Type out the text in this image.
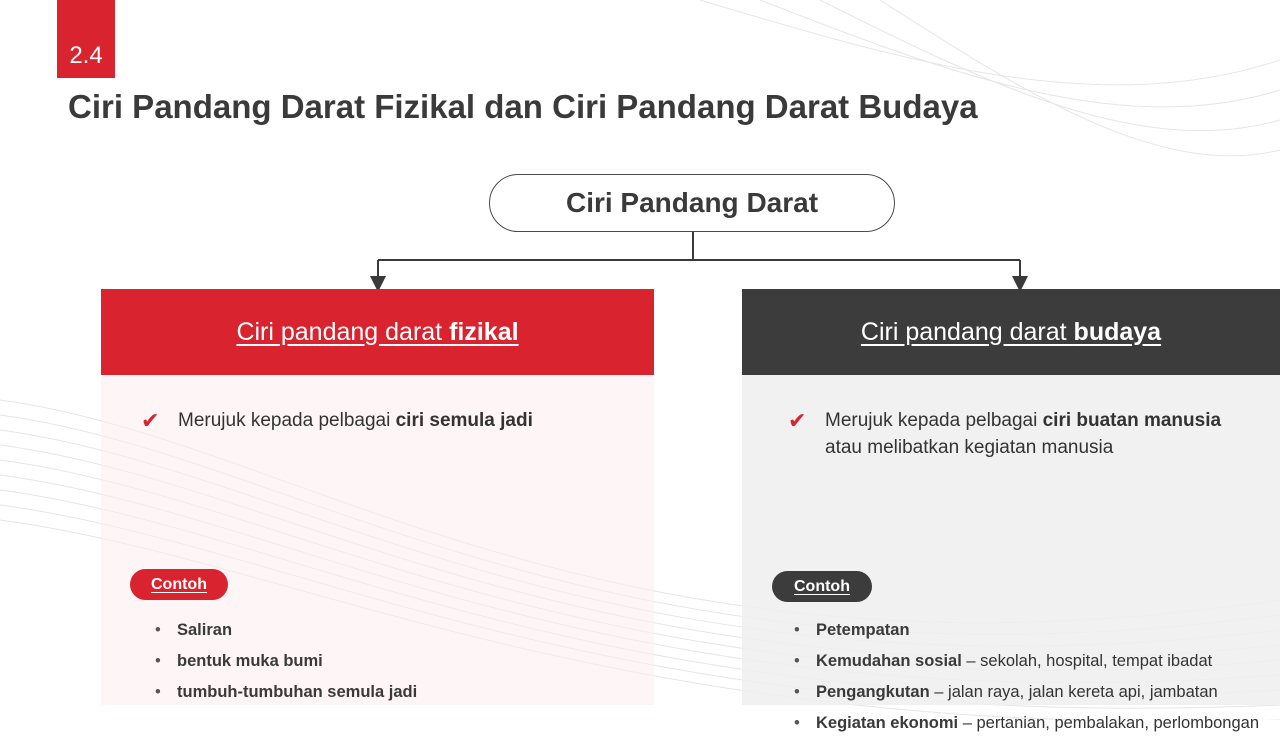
2.4
Ciri Pandang Darat Fizikal dan Ciri Pandang Darat Budaya
Ciri Pandang Darat
Ciri pandang darat fizikal
✔ Merujuk kepada pelbagai ciri semula jadi
Contoh
• Saliran
• bentuk muka bumi
• tumbuh-tumbuhan semula jadi
Ciri pandang darat budaya
✔ Merujuk kepada pelbagai ciri buatan manusia atau melibatkan kegiatan manusia
Contoh
• Petempatan
• Kemudahan sosial – sekolah, hospital, tempat ibadat
• Pengangkutan – jalan raya, jalan kereta api, jambatan
• Kegiatan ekonomi – pertanian, pembalakan, perlombongan
